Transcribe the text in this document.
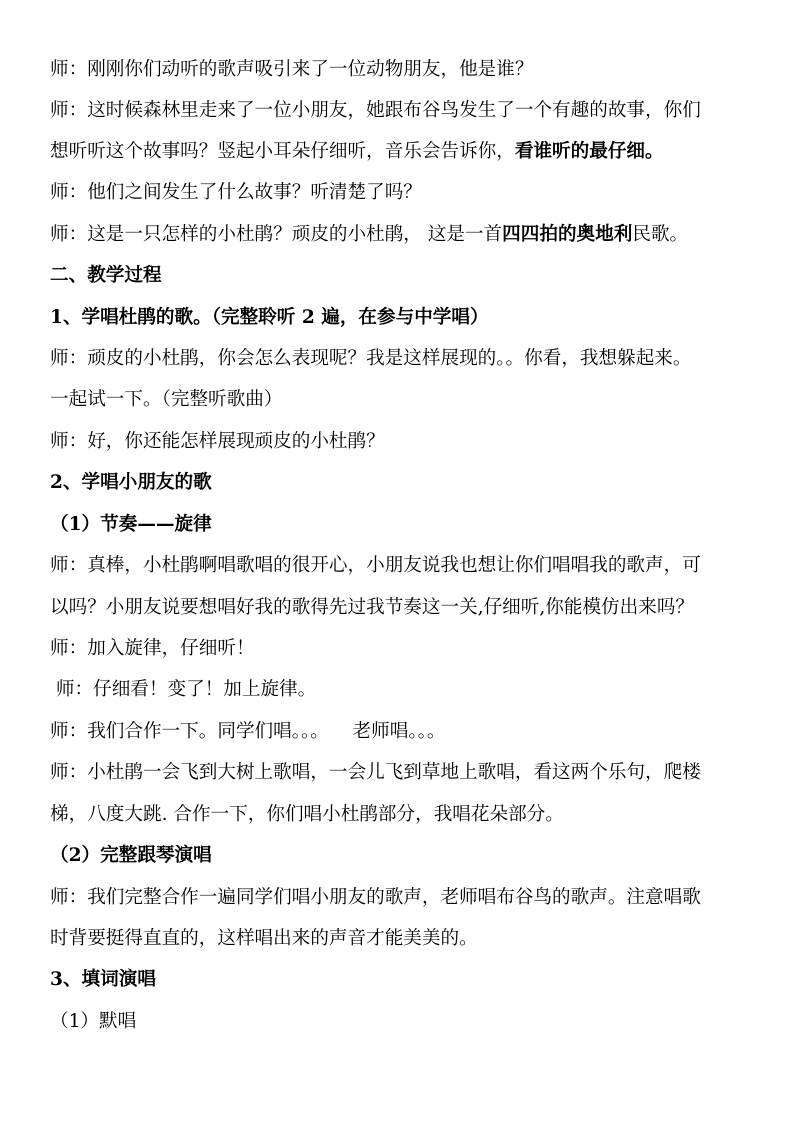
师：刚刚你们动听的歌声吸引来了一位动物朋友，他是谁？
师：这时候森林里走来了一位小朋友，她跟布谷鸟发生了一个有趣的故事，你们
想听听这个故事吗？竖起小耳朵仔细听，音乐会告诉你，看谁听的最仔细。
师：他们之间发生了什么故事？听清楚了吗？
师：这是一只怎样的小杜鹃？顽皮的小杜鹃， 这是一首四四拍的奥地利民歌。
二、教学过程
1、学唱杜鹃的歌。（完整聆听 2 遍，在参与中学唱）
师：顽皮的小杜鹃，你会怎么表现呢？我是这样展现的。。你看，我想躲起来。
一起试一下。（完整听歌曲）
师：好，你还能怎样展现顽皮的小杜鹃？
2、学唱小朋友的歌
（1）节奏——旋律
师：真棒，小杜鹃啊唱歌唱的很开心，小朋友说我也想让你们唱唱我的歌声，可
以吗？小朋友说要想唱好我的歌得先过我节奏这一关,仔细听,你能模仿出来吗？
师：加入旋律，仔细听！
师：仔细看！变了！加上旋律。
师：我们合作一下。同学们唱。。。    老师唱。。。
师：小杜鹃一会飞到大树上歌唱，一会儿飞到草地上歌唱，看这两个乐句，爬楼
梯，八度大跳. 合作一下，你们唱小杜鹃部分，我唱花朵部分。
（2）完整跟琴演唱
师：我们完整合作一遍同学们唱小朋友的歌声，老师唱布谷鸟的歌声。注意唱歌
时背要挺得直直的，这样唱出来的声音才能美美的。
3、填词演唱
（1）默唱
